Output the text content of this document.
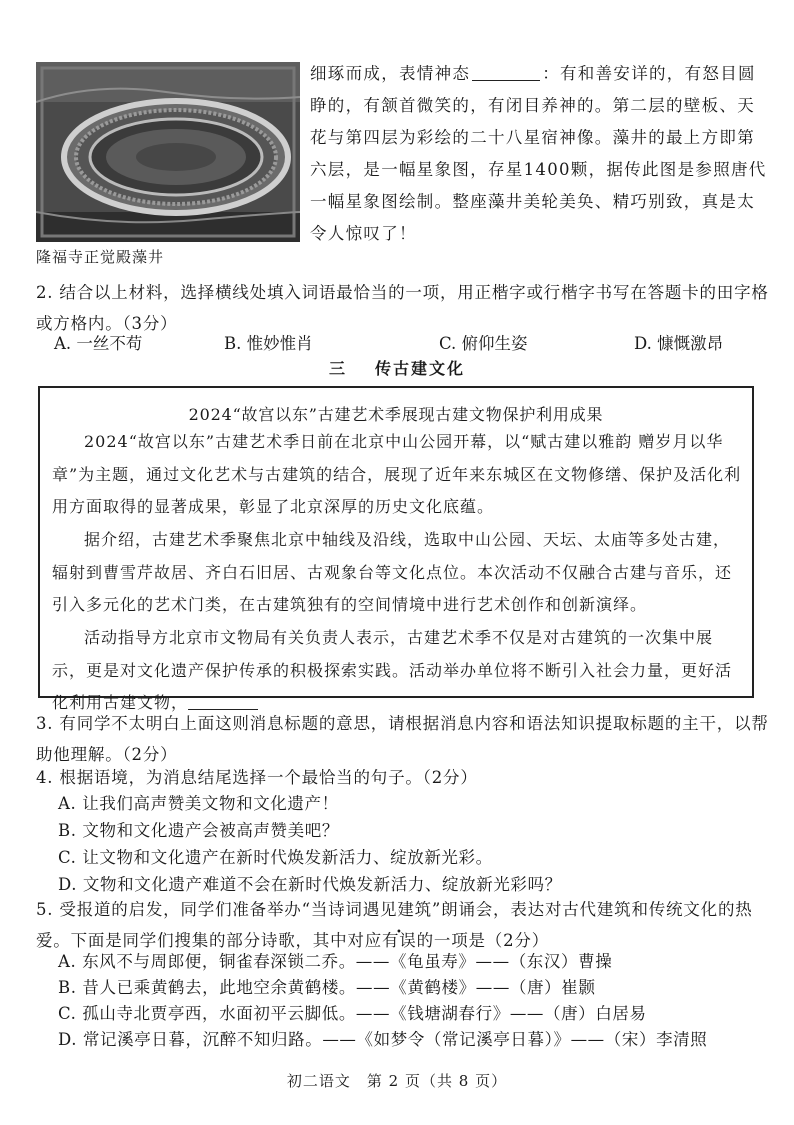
隆福寺正觉殿藻井
细琢而成，表情神态	：有和善安详的，有怒目圆睁的，有颔首微笑的，有闭目养神的。第二层的壁板、天花与第四层为彩绘的二十八星宿神像。藻井的最上方即第六层，是一幅星象图，存星1400颗，据传此图是参照唐代一幅星象图绘制。整座藻井美轮美奂、精巧别致，真是太令人惊叹了！
2. 结合以上材料，选择横线处填入词语最恰当的一项，用正楷字或行楷字书写在答题卡的田字格或方格内。（3分）
A. 一丝不苟	B. 惟妙惟肖	C. 俯仰生姿	D. 慷慨激昂
三 传古建文化
2024“故宫以东”古建艺术季展现古建文物保护利用成果
2024“故宫以东”古建艺术季日前在北京中山公园开幕，以“赋古建以雅韵 赠岁月以华章”为主题，通过文化艺术与古建筑的结合，展现了近年来东城区在文物修缮、保护及活化利用方面取得的显著成果，彰显了北京深厚的历史文化底蕴。
据介绍，古建艺术季聚焦北京中轴线及沿线，选取中山公园、天坛、太庙等多处古建，辐射到曹雪芹故居、齐白石旧居、古观象台等文化点位。本次活动不仅融合古建与音乐，还引入多元化的艺术门类，在古建筑独有的空间情境中进行艺术创作和创新演绎。
活动指导方北京市文物局有关负责人表示，古建艺术季不仅是对古建筑的一次集中展示，更是对文化遗产保护传承的积极探索实践。活动举办单位将不断引入社会力量，更好活化利用古建文物，
3. 有同学不太明白上面这则消息标题的意思，请根据消息内容和语法知识提取标题的主干，以帮助他理解。（2分）
4. 根据语境，为消息结尾选择一个最恰当的句子。（2分）
A. 让我们高声赞美文物和文化遗产！
B. 文物和文化遗产会被高声赞美吧？
C. 让文物和文化遗产在新时代焕发新活力、绽放新光彩。
D. 文物和文化遗产难道不会在新时代焕发新活力、绽放新光彩吗？
5. 受报道的启发，同学们准备举办“当诗词遇见建筑”朗诵会，表达对古代建筑和传统文化的热爱。下面是同学们搜集的部分诗歌，其中对应有误的一项是（2分）
A. 东风不与周郎便，铜雀春深锁二乔。——《龟虽寿》——（东汉）曹操
B. 昔人已乘黄鹤去，此地空余黄鹤楼。——《黄鹤楼》——（唐）崔颢
C. 孤山寺北贾亭西，水面初平云脚低。——《钱塘湖春行》——（唐）白居易
D. 常记溪亭日暮，沉醉不知归路。——《如梦令（常记溪亭日暮）》——（宋）李清照
初二语文　第 2 页（共 8 页）
